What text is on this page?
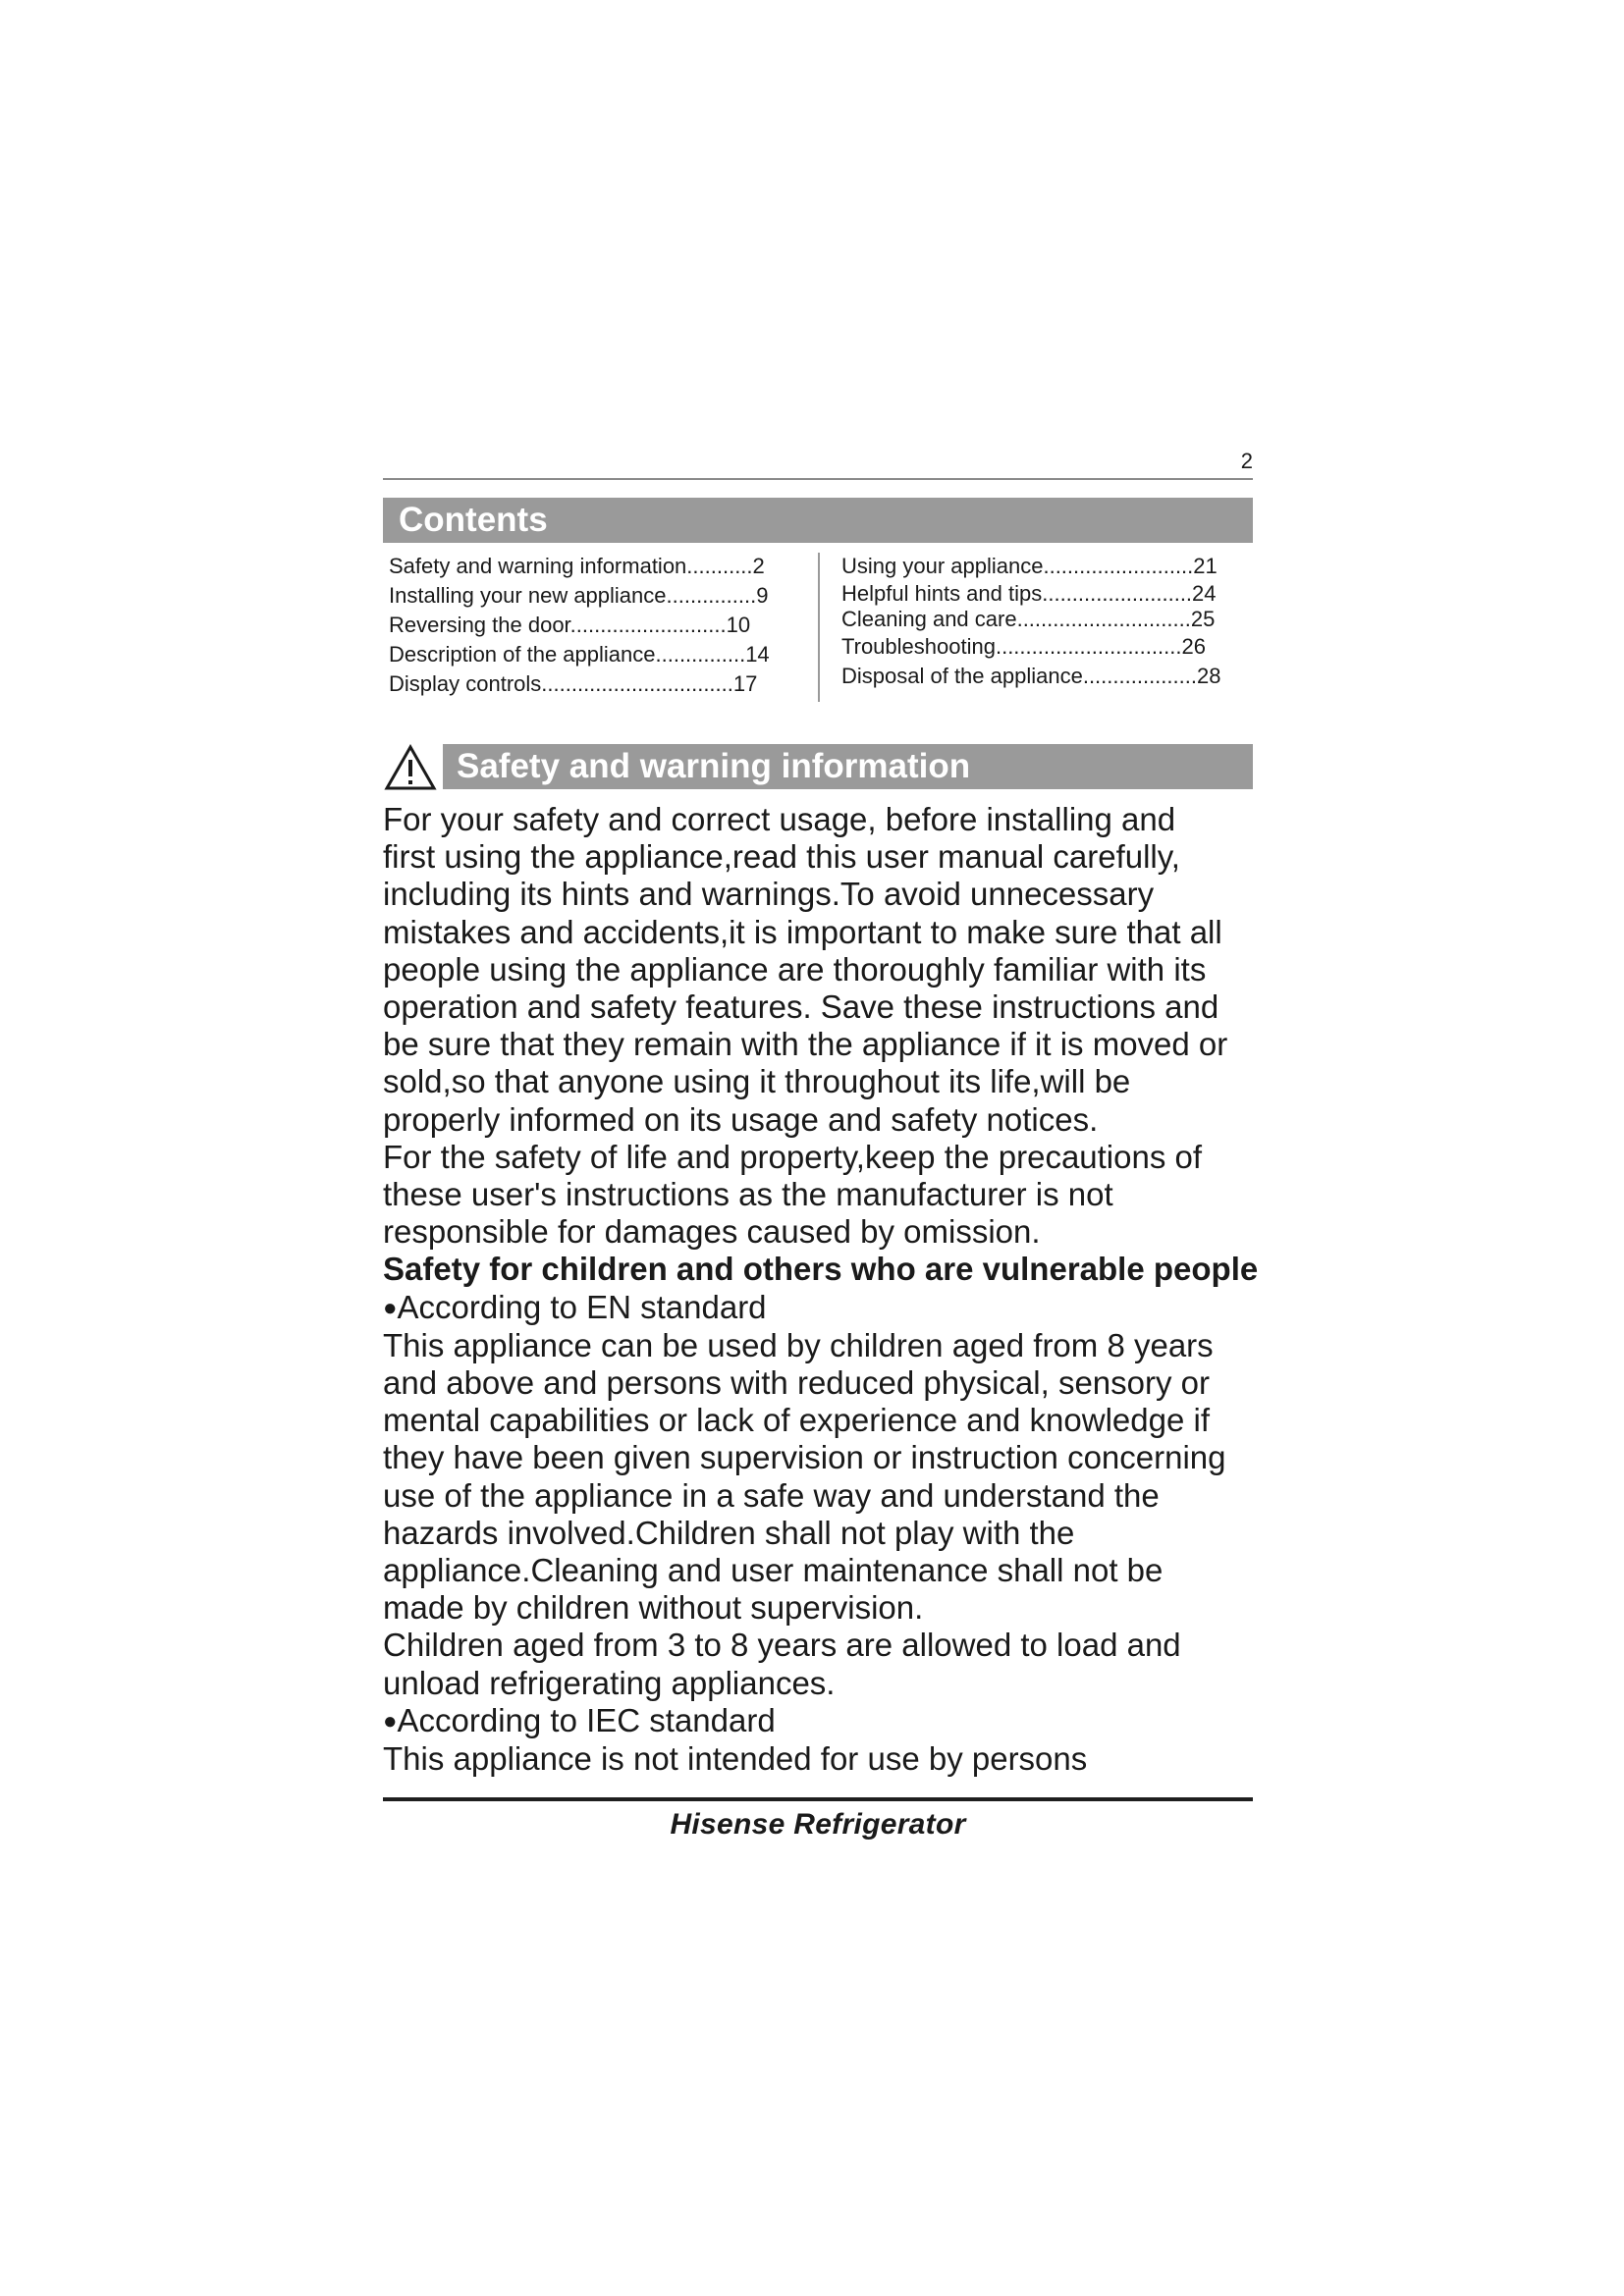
2
Contents
Safety and warning information...........2
Installing your new appliance...............9
Reversing the door..........................10
Description of the appliance...............14
Display controls................................17
Using your appliance.........................21
Helpful hints and tips.........................24
Cleaning and care.............................25
Troubleshooting...............................26
Disposal of the appliance...................28
Safety and warning information

For your safety and correct usage, before installing and

first using the appliance,read this user manual carefully,

including its hints and warnings.To avoid unnecessary

mistakes and accidents,it is important to make sure that all

people using the appliance are thoroughly familiar with its

operation and safety features. Save these instructions and

be sure that they remain with the appliance if it is moved or

sold,so that anyone using it throughout its life,will be

properly informed on its usage and safety notices.

For the safety of life and property,keep the precautions of

these user's instructions as the manufacturer is not

responsible for damages caused by omission.

Safety for children and others who are vulnerable people

●According to EN standard

This appliance can be used by children aged from 8 years

and above and persons with reduced physical, sensory or

mental capabilities or lack of experience and knowledge if

they have been given supervision or instruction concerning

use of the appliance in a safe way and understand the

hazards involved.Children shall not play with the

appliance.Cleaning and user maintenance shall not be

made by children without supervision.

Children aged from 3 to 8 years are allowed to load and

unload refrigerating appliances.

●According to IEC standard

This appliance is not intended for use by persons

Hisense Refrigerator
